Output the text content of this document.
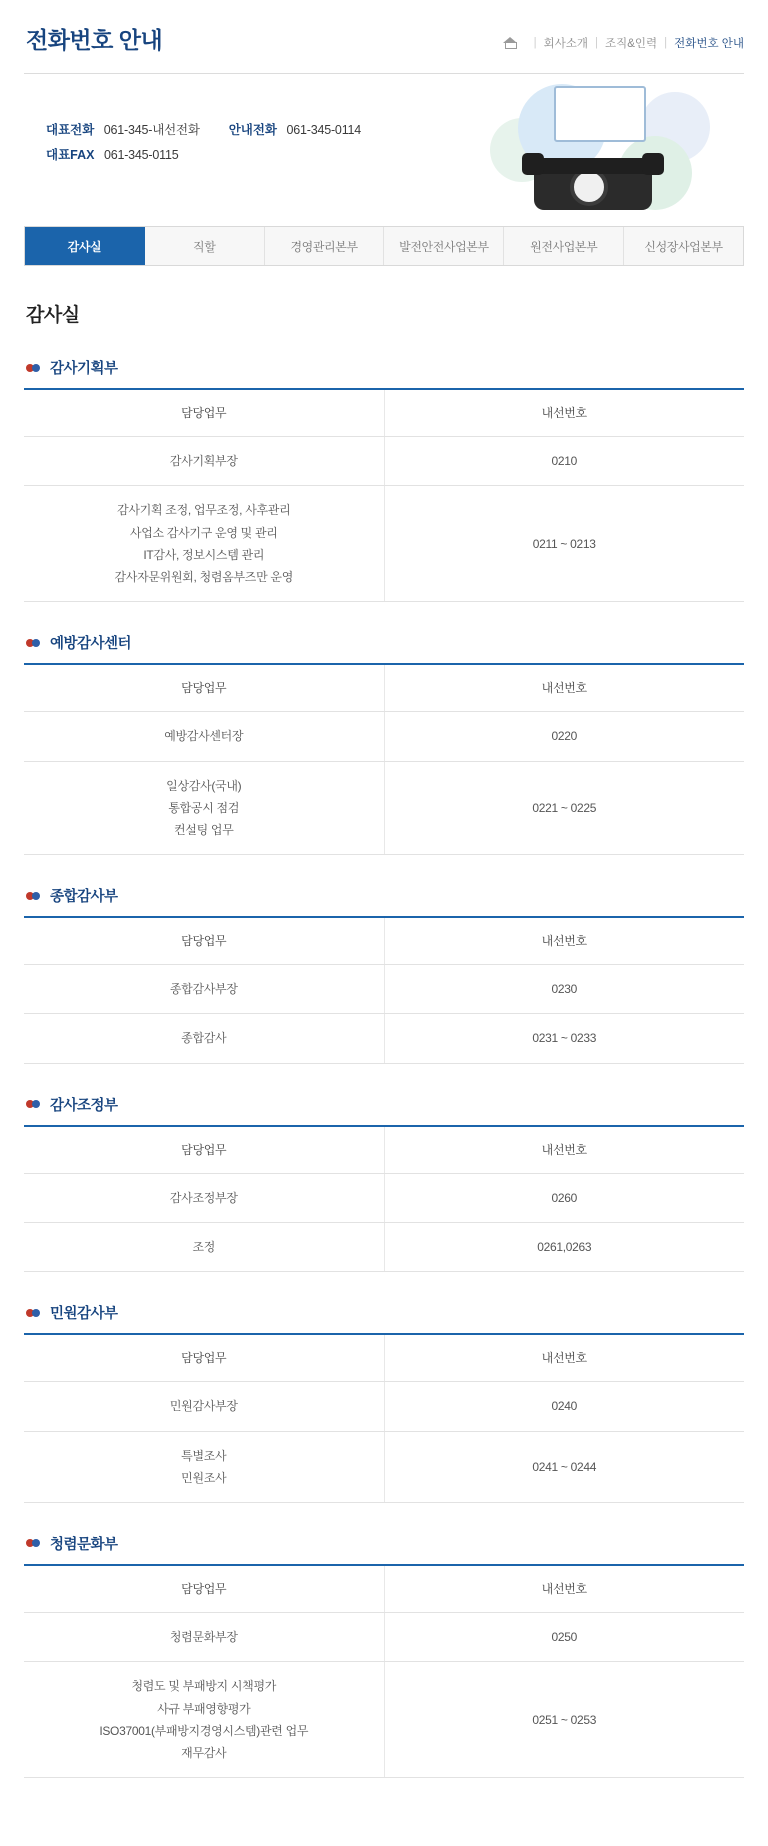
전화번호 안내	| 회사소개 | 조직&인력 | 전화번호 안내
대표전화 061-345-내선전화 안내전화 061-345-0114
대표FAX 061-345-0115
감사실	직할	경영관리본부	발전안전사업본부	원전사업본부	신성장사업본부
감사실
감사기획부
담당업무	내선번호
감사기획부장	0210
감사기획 조정, 업무조정, 사후관리
사업소 감사기구 운영 및 관리
IT감사, 정보시스템 관리
감사자문위원회, 청렴옴부즈만 운영	0211 ~ 0213
예방감사센터
담당업무	내선번호
예방감사센터장	0220
일상감사(국내)
통합공시 점검
컨설팅 업무	0221 ~ 0225
종합감사부
담당업무	내선번호
종합감사부장	0230
종합감사	0231 ~ 0233
감사조정부
담당업무	내선번호
감사조정부장	0260
조정	0261,0263
민원감사부
담당업무	내선번호
민원감사부장	0240
특별조사
민원조사	0241 ~ 0244
청렴문화부
담당업무	내선번호
청렴문화부장	0250
청렴도 및 부패방지 시책평가
사규 부패영향평가
ISO37001(부패방지경영시스템)관련 업무
재무감사	0251 ~ 0253
